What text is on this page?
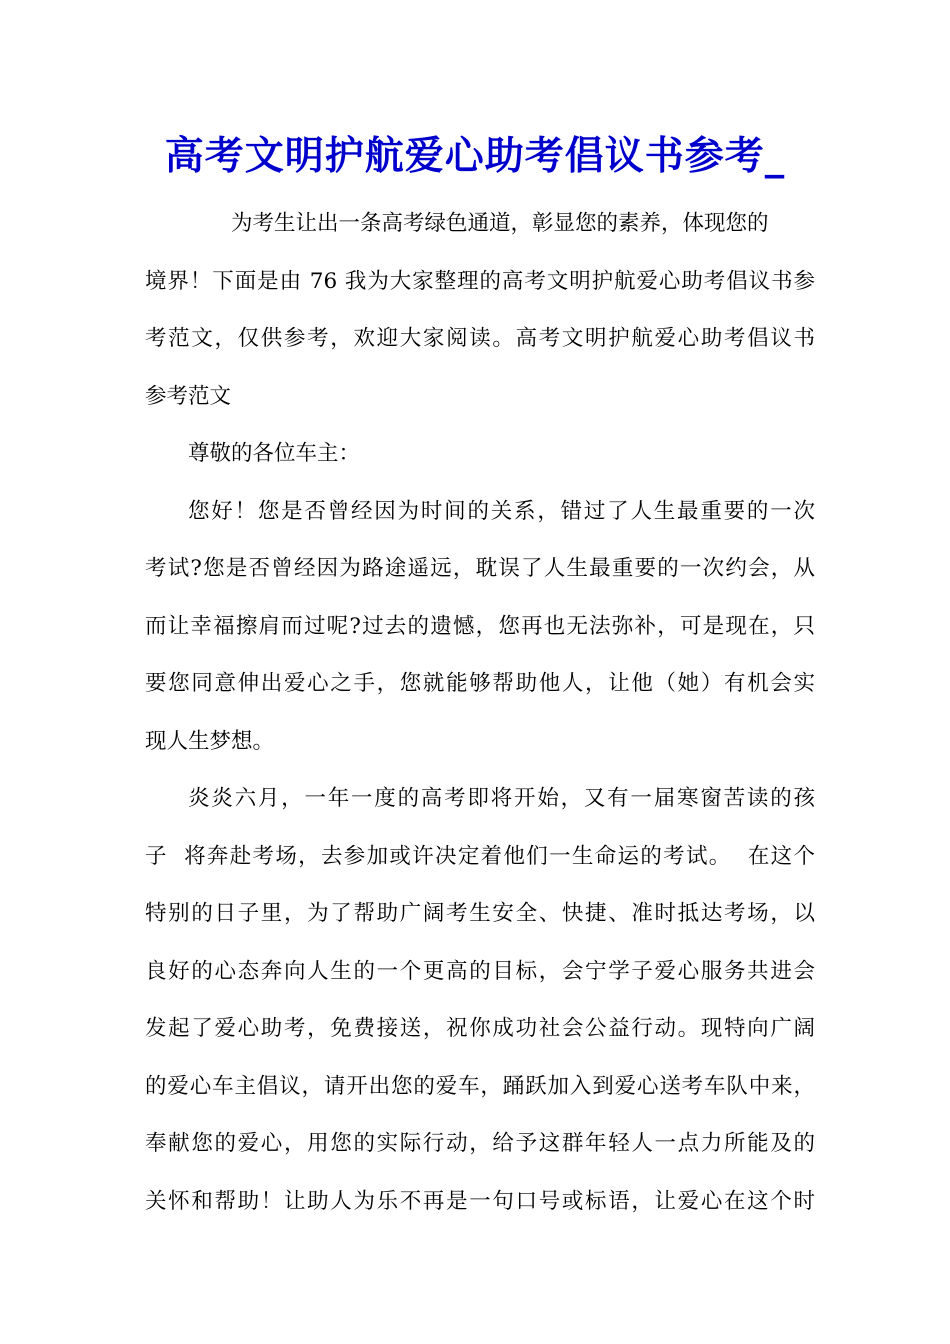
高考文明护航爱心助考倡议书参考_
为考生让出一条高考绿色通道，彰显您的素养，体现您的
境界！下面是由 76 我为大家整理的高考文明护航爱心助考倡议书参
考范文，仅供参考，欢迎大家阅读。高考文明护航爱心助考倡议书
参考范文
尊敬的各位车主：
您好！您是否曾经因为时间的关系，错过了人生最重要的一次
考试?您是否曾经因为路途遥远，耽误了人生最重要的一次约会，从
而让幸福擦肩而过呢?过去的遗憾，您再也无法弥补，可是现在，只
要您同意伸出爱心之手，您就能够帮助他人，让他（她）有机会实
现人生梦想。
炎炎六月，一年一度的高考即将开始，又有一届寒窗苦读的孩
子  将奔赴考场，去参加或许决定着他们一生命运的考试。  在这个
特别的日子里，为了帮助广阔考生安全、快捷、准时抵达考场，以
良好的心态奔向人生的一个更高的目标，会宁学子爱心服务共进会
发起了爱心助考，免费接送，祝你成功社会公益行动。现特向广阔
的爱心车主倡议，请开出您的爱车，踊跃加入到爱心送考车队中来，
奉献您的爱心，用您的实际行动，给予这群年轻人一点力所能及的
关怀和帮助！让助人为乐不再是一句口号或标语，让爱心在这个时
